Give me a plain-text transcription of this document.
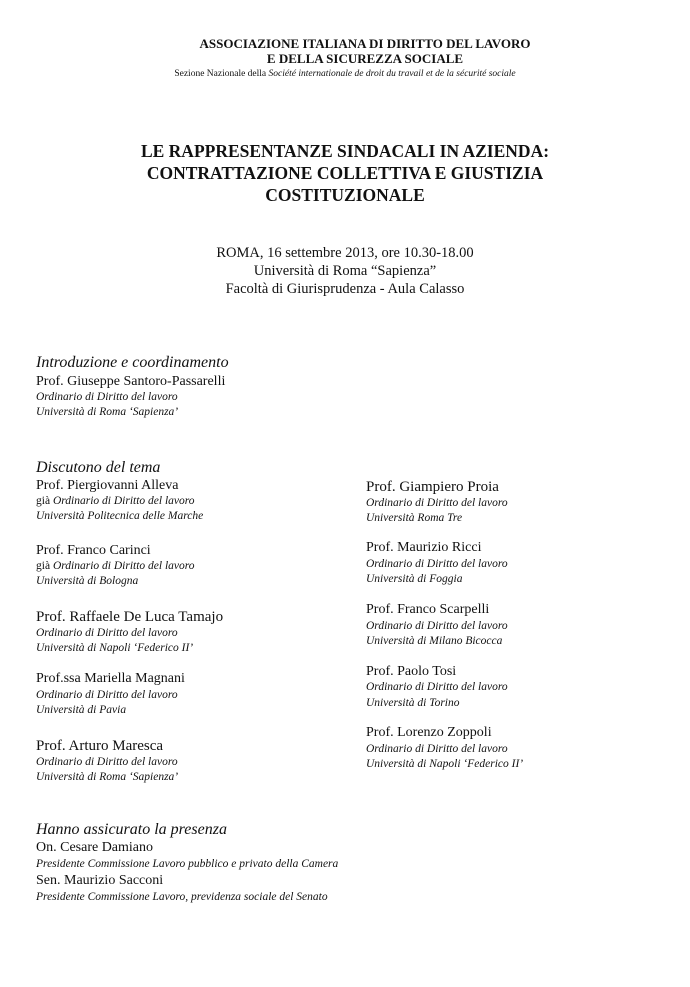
ASSOCIAZIONE ITALIANA DI DIRITTO DEL LAVORO
E DELLA SICUREZZA SOCIALE
Sezione Nazionale della Société internationale de droit du travail et de la sécurité sociale
LE RAPPRESENTANZE SINDACALI IN AZIENDA:
CONTRATTAZIONE COLLETTIVA E GIUSTIZIA
COSTITUZIONALE
ROMA, 16 settembre 2013, ore 10.30-18.00
Università di Roma “Sapienza”
Facoltà di Giurisprudenza - Aula Calasso
Introduzione e coordinamento
Prof. Giuseppe Santoro-Passarelli
Ordinario di Diritto del lavoro
Università di Roma ‘Sapienza’
Discutono del tema
Prof. Piergiovanni Alleva
già Ordinario di Diritto del lavoro
Università Politecnica delle Marche
Prof. Franco Carinci
già Ordinario di Diritto del lavoro
Università di Bologna
Prof. Raffaele De Luca Tamajo
Ordinario di Diritto del lavoro
Università di Napoli ‘Federico II’
Prof.ssa Mariella Magnani
Ordinario di Diritto del lavoro
Università di Pavia
Prof. Arturo Maresca
Ordinario di Diritto del lavoro
Università di Roma ‘Sapienza’
Prof. Giampiero Proia
Ordinario di Diritto del lavoro
Università Roma Tre
Prof. Maurizio Ricci
Ordinario di Diritto del lavoro
Università di Foggia
Prof. Franco Scarpelli
Ordinario di Diritto del lavoro
Università di Milano Bicocca
Prof. Paolo Tosi
Ordinario di Diritto del lavoro
Università di Torino
Prof. Lorenzo Zoppoli
Ordinario di Diritto del lavoro
Università di Napoli ‘Federico II’
Hanno assicurato la presenza
On. Cesare Damiano
Presidente Commissione Lavoro pubblico e privato della Camera
Sen. Maurizio Sacconi
Presidente Commissione Lavoro, previdenza sociale del Senato
